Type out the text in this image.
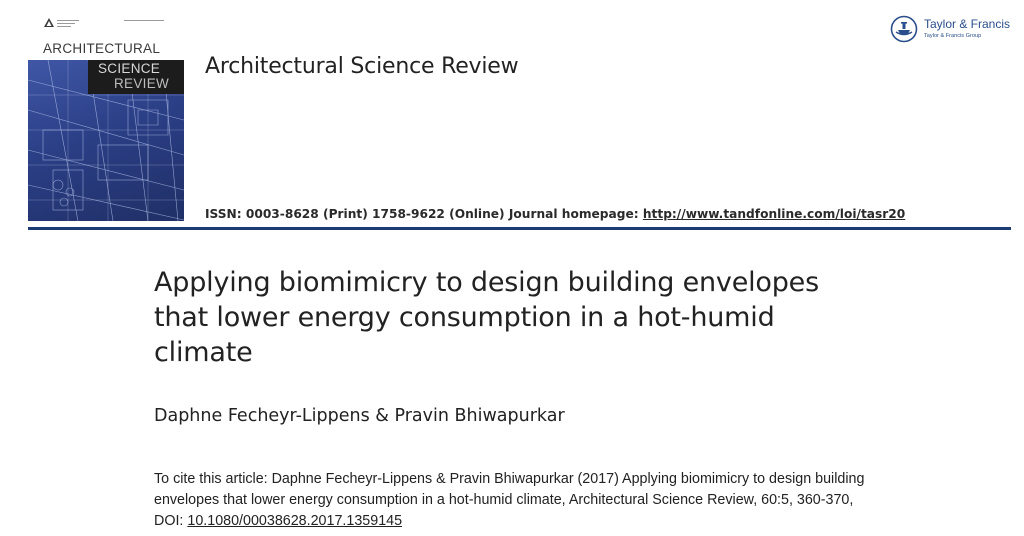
ARCHITECTURAL
SCIENCE
REVIEW
Architectural Science Review
ISSN: 0003-8628 (Print) 1758-9622 (Online) Journal homepage: http://www.tandfonline.com/loi/tasr20
Taylor & Francis
Taylor & Francis Group
Applying biomimicry to design building envelopes
that lower energy consumption in a hot-humid
climate
Daphne Fecheyr-Lippens & Pravin Bhiwapurkar
To cite this article: Daphne Fecheyr-Lippens & Pravin Bhiwapurkar (2017) Applying biomimicry to design building envelopes that lower energy consumption in a hot-humid climate, Architectural Science Review, 60:5, 360-370, DOI: 10.1080/00038628.2017.1359145
